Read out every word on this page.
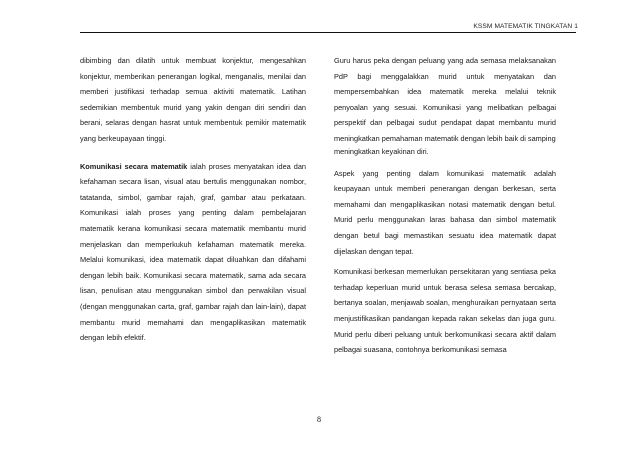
KSSM MATEMATIK TINGKATAN 1

dibimbing dan dilatih untuk membuat konjektur, mengesahkan konjektur, memberikan penerangan logikal, menganalis, menilai dan memberi justifikasi terhadap semua aktiviti matematik. Latihan sedemikian membentuk murid yang yakin dengan diri sendiri dan berani, selaras dengan hasrat untuk membentuk pemikir matematik yang berkeupayaan tinggi.

Komunikasi secara matematik ialah proses menyatakan idea dan kefahaman secara lisan, visual atau bertulis menggunakan nombor, tatatanda, simbol, gambar rajah, graf, gambar atau perkataan. Komunikasi ialah proses yang penting dalam pembelajaran matematik kerana komunikasi secara matematik membantu murid menjelaskan dan memperkukuh kefahaman matematik mereka. Melalui komunikasi, idea matematik dapat diluahkan dan difahami dengan lebih baik. Komunikasi secara matematik, sama ada secara lisan, penulisan atau menggunakan simbol dan perwakilan visual (dengan menggunakan carta, graf, gambar rajah dan lain-lain), dapat membantu murid memahami dan mengaplikasikan matematik dengan lebih efektif.

Guru harus peka dengan peluang yang ada semasa melaksanakan PdP bagi menggalakkan murid untuk menyatakan dan mempersembahkan idea matematik mereka melalui teknik penyoalan yang sesuai. Komunikasi yang melibatkan pelbagai perspektif dan pelbagai sudut pendapat dapat membantu murid meningkatkan pemahaman matematik dengan lebih baik di samping

meningkatkan keyakinan diri.

Aspek yang penting dalam komunikasi matematik adalah keupayaan untuk memberi penerangan dengan berkesan, serta memahami dan mengaplikasikan notasi matematik dengan betul. Murid perlu menggunakan laras bahasa dan simbol matematik dengan betul bagi memastikan sesuatu idea matematik dapat dijelaskan dengan tepat.

Komunikasi berkesan memerlukan persekitaran yang sentiasa peka terhadap keperluan murid untuk berasa selesa semasa bercakap, bertanya soalan, menjawab soalan, menghuraikan pernyataan serta menjustifikasikan pandangan kepada rakan sekelas dan juga guru. Murid perlu diberi peluang untuk berkomunikasi secara aktif dalam pelbagai suasana, contohnya berkomunikasi semasa

8
